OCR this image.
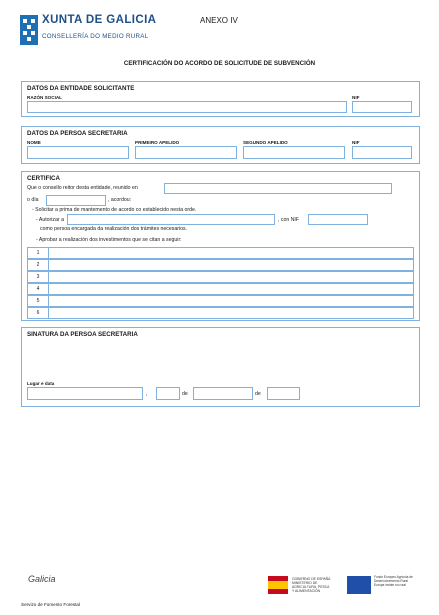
XUNTA DE GALICIA
CONSELLERÍA DO MEDIO RURAL
ANEXO IV
CERTIFICACIÓN DO ACORDO DE SOLICITUDE DE SUBVENCIÓN
DATOS DA ENTIDADE SOLICITANTE
RAZÓN SOCIAL	NIF
DATOS DA PERSOA SECRETARIA
NOME	PRIMEIRO APELIDO	SEGUNDO APELIDO	NIF
CERTIFICA
Que o consello reitor desta entidade, reunido en
o día	, acordou:
- Solicitar a prima de mantemento de acordo co establecido nesta orde.
- Autorizar a	, con NIF
como persoa encargada da realización dos trámites necesarios.
- Aprobar a realización dos investimentos que se citan a seguir:
1
2
3
4
5
6
SINATURA DA PERSOA SECRETARIA
Lugar e data
,	de	de
Galicia
Servizo de Fomento Forestal
GOBIERNO DE ESPAÑA MINISTERIO DE AGRICULTURA, PESCA Y ALIMENTACIÓN
Fondo Europeo Agrícola de Desenvolvemento Rural Europa inviste no rural
